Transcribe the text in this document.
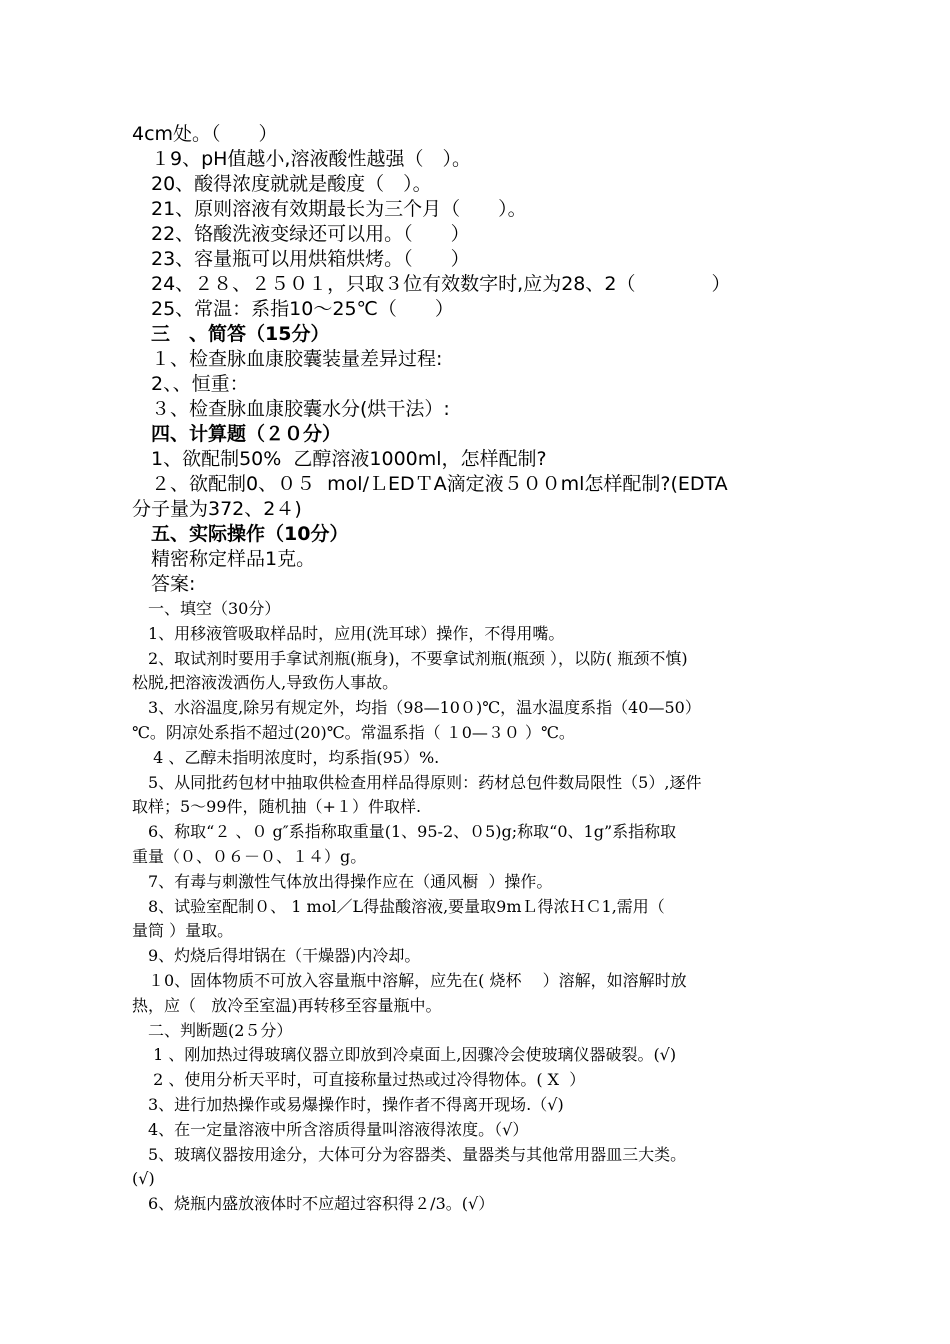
4cm处。（　　）
　１9、pH值越小,溶液酸性越强（　）。
　20、酸得浓度就就是酸度（　）。
　21、原则溶液有效期最长为三个月（　　）。
　22、铬酸洗液变绿还可以用。（　　）
　23、容量瓶可以用烘箱烘烤。（　　）
　24、２８、２５０１，只取３位有效数字时,应为28、2（　　　　）
　25、常温：系指10～25℃（　　）
　三　、简答（15分）
　１、检查脉血康胶囊装量差异过程:
　2、、恒重：
　３、检查脉血康胶囊水分(烘干法）:
　四、计算题（２０分）
　1、欲配制50%  乙醇溶液1000ml，怎样配制?
　２、欲配制0、０５  mol/ＬEDＴA滴定液５００ml怎样配制?(EDTA
分子量为372、2４)
　五、实际操作（10分）
　精密称定样品1克。
　答案:
　一、填空（30分）
　1、用移液管吸取样品时，应用(洗耳球）操作，不得用嘴。
　2、取试剂时要用手拿试剂瓶(瓶身)，不要拿试剂瓶(瓶颈 ），以防( 瓶颈不慎)
松脱,把溶液泼洒伤人,导致伤人事故。
　3、水浴温度,除另有规定外，均指（98—10０)℃，温水温度系指（40—50）
℃。阴凉处系指不超过(20)℃。常温系指（ １0—３０ ）℃。
　 4 、乙醇未指明浓度时，均系指(95）%.
　5、从同批药包材中抽取供检查用样品得原则：药材总包件数局限性（5）,逐件
取样；5～99件，随机抽（+１）件取样.
　6、称取“２ 、０ g″系指称取重量(1、95-2、０5)g;称取“0、1g”系指称取
重量（０、０６－０、１４）g。
　7、有毒与刺激性气体放出得操作应在（通风橱  ）操作。
　8、试验室配制０、 1 mol／L得盐酸溶液,要量取9mＬ得浓ＨＣ1,需用（
量筒 ）量取。
　9、灼烧后得坩锅在（干燥器)内冷却。
　１0、固体物质不可放入容量瓶中溶解，应先在( 烧杯　 ）溶解，如溶解时放
热，应（   放冷至室温)再转移至容量瓶中。
　二、判断题(2５分）
　 1 、刚加热过得玻璃仪器立即放到冷桌面上,因骤冷会使玻璃仪器破裂。(√)
　 2 、使用分析天平时，可直接称量过热或过冷得物体。( X  ）
　3、进行加热操作或易爆操作时，操作者不得离开现场.（√)
　4、在一定量溶液中所含溶质得量叫溶液得浓度。（√）
　5、玻璃仪器按用途分，大体可分为容器类、量器类与其他常用器皿三大类。
(√)
　6、烧瓶内盛放液体时不应超过容积得２/3。(√）
